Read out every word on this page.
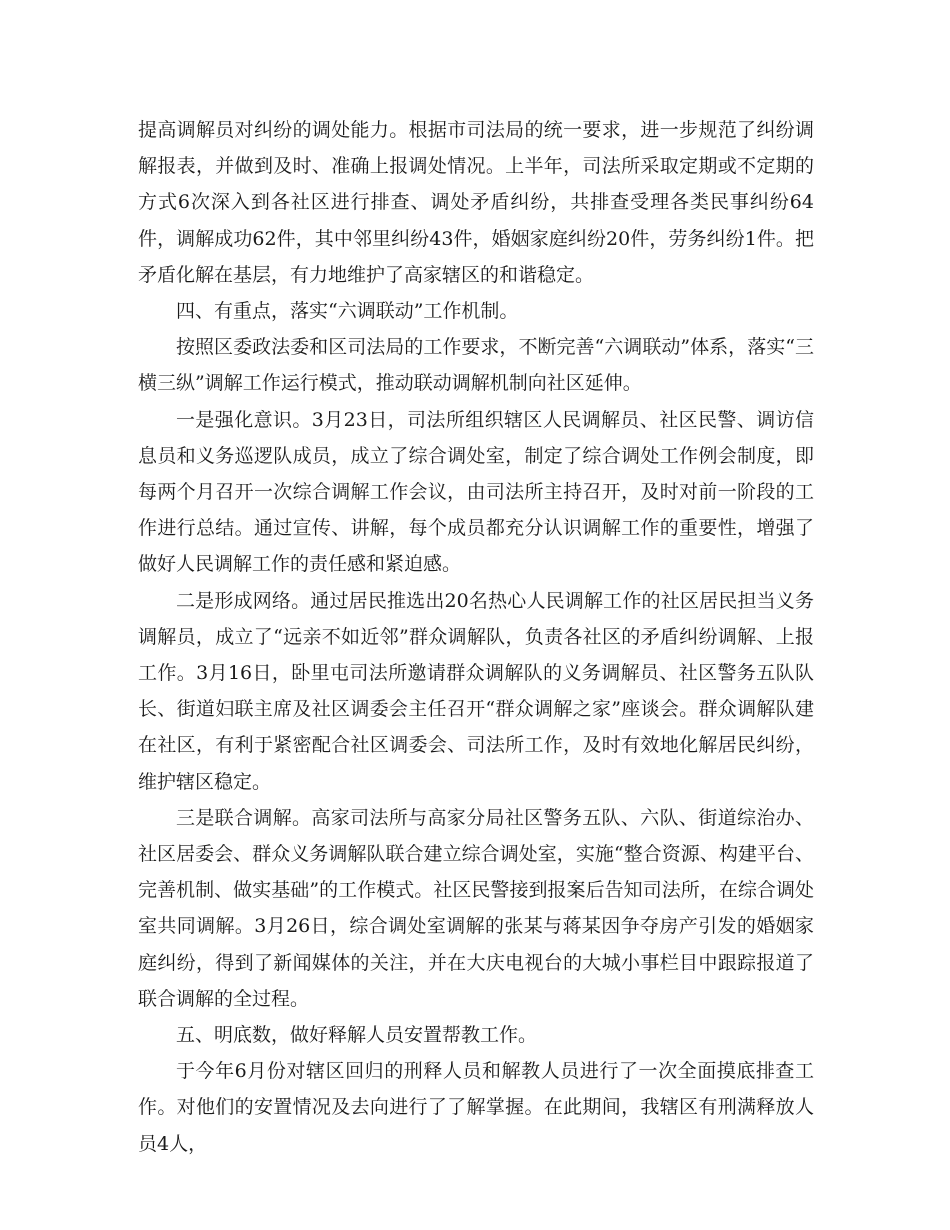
提高调解员对纠纷的调处能力。根据市司法局的统一要求，进一步规范了纠纷调解报表，并做到及时、准确上报调处情况。上半年，司法所采取定期或不定期的方式6次深入到各社区进行排查、调处矛盾纠纷，共排查受理各类民事纠纷64件，调解成功62件，其中邻里纠纷43件，婚姻家庭纠纷20件，劳务纠纷1件。把矛盾化解在基层，有力地维护了高家辖区的和谐稳定。

四、有重点，落实“六调联动”工作机制。

按照区委政法委和区司法局的工作要求，不断完善“六调联动”体系，落实“三横三纵”调解工作运行模式，推动联动调解机制向社区延伸。

一是强化意识。3月23日，司法所组织辖区人民调解员、社区民警、调访信息员和义务巡逻队成员，成立了综合调处室，制定了综合调处工作例会制度，即每两个月召开一次综合调解工作会议，由司法所主持召开，及时对前一阶段的工作进行总结。通过宣传、讲解，每个成员都充分认识调解工作的重要性，增强了做好人民调解工作的责任感和紧迫感。

二是形成网络。通过居民推选出20名热心人民调解工作的社区居民担当义务调解员，成立了“远亲不如近邻”群众调解队，负责各社区的矛盾纠纷调解、上报工作。3月16日，卧里屯司法所邀请群众调解队的义务调解员、社区警务五队队长、街道妇联主席及社区调委会主任召开“群众调解之家”座谈会。群众调解队建在社区，有利于紧密配合社区调委会、司法所工作，及时有效地化解居民纠纷，维护辖区稳定。

三是联合调解。高家司法所与高家分局社区警务五队、六队、街道综治办、社区居委会、群众义务调解队联合建立综合调处室，实施“整合资源、构建平台、完善机制、做实基础”的工作模式。社区民警接到报案后告知司法所，在综合调处室共同调解。3月26日，综合调处室调解的张某与蒋某因争夺房产引发的婚姻家庭纠纷，得到了新闻媒体的关注，并在大庆电视台的大城小事栏目中跟踪报道了联合调解的全过程。

五、明底数，做好释解人员安置帮教工作。

于今年6月份对辖区回归的刑释人员和解教人员进行了一次全面摸底排查工作。对他们的安置情况及去向进行了了解掌握。在此期间，我辖区有刑满释放人员4人，
